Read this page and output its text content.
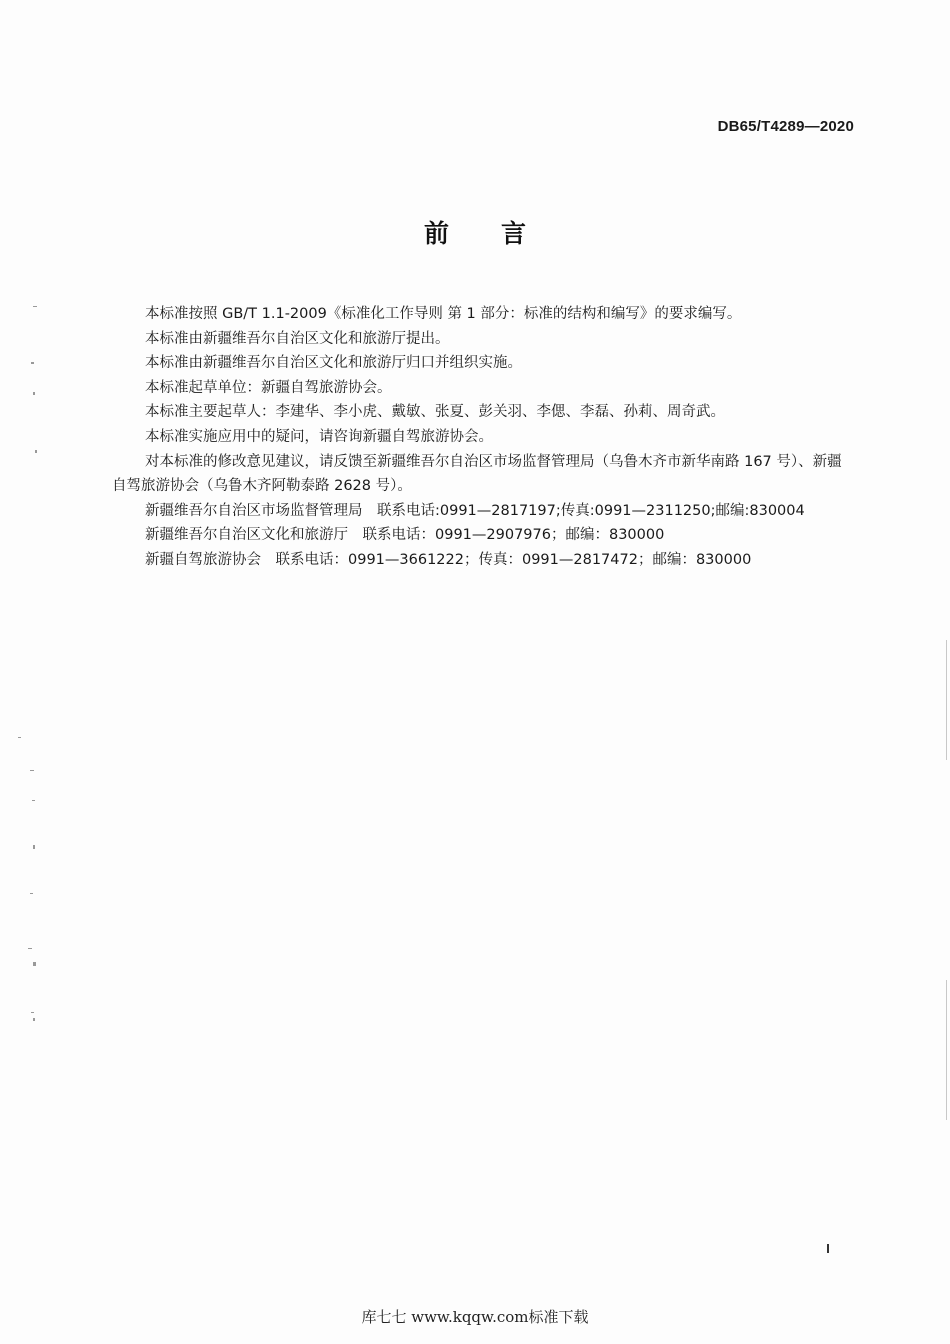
DB65/T4289—2020
前言

本标准按照 GB/T 1.1-2009《标准化工作导则 第 1 部分：标准的结构和编写》的要求编写。

本标准由新疆维吾尔自治区文化和旅游厅提出。

本标准由新疆维吾尔自治区文化和旅游厅归口并组织实施。

本标准起草单位：新疆自驾旅游协会。

本标准主要起草人：李建华、李小虎、戴敏、张夏、彭关羽、李偲、李磊、孙莉、周奇武。

本标准实施应用中的疑问，请咨询新疆自驾旅游协会。

对本标准的修改意见建议，请反馈至新疆维吾尔自治区市场监督管理局（乌鲁木齐市新华南路 167 号）、新疆自驾旅游协会（乌鲁木齐阿勒泰路 2628 号）。

新疆维吾尔自治区市场监督管理局　联系电话:0991—2817197;传真:0991—2311250;邮编:830004

新疆维吾尔自治区文化和旅游厅　联系电话：0991—2907976；邮编：830000

新疆自驾旅游协会　联系电话：0991—3661222；传真：0991—2817472；邮编：830000

库七七 www.kqqw.com标准下载
